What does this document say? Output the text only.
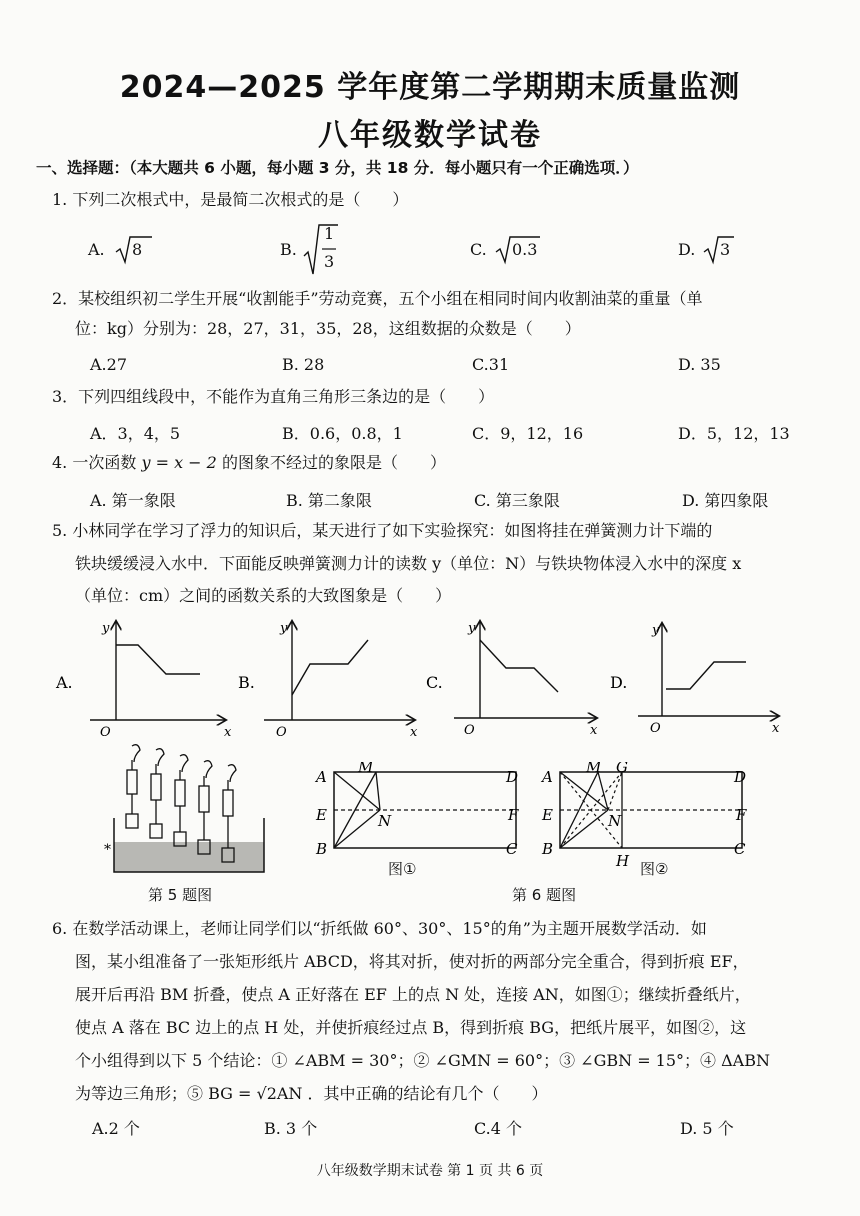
2024—2025 学年度第二学期期末质量监测
八年级数学试卷
一、选择题：（本大题共 6 小题，每小题 3 分，共 18 分．每小题只有一个正确选项．）
1. 下列二次根式中，是最简二次根式的是（　　）
A. 8	B.
1
3
C. 0.3	D. 3
2．某校组织初二学生开展“收割能手”劳动竞赛，五个小组在相同时间内收割油菜的重量（单
位：kg）分别为：28，27，31，35，28，这组数据的众数是（　　）
A.27	B. 28	C.31	D. 35
3．下列四组线段中，不能作为直角三角形三条边的是（　　）
A．3，4，5	B．0.6，0.8，1	C．9，12，16	D．5，12，13
4. 一次函数 y = x − 2 的图象不经过的象限是（　　）
A. 第一象限	B. 第二象限	C. 第三象限	D. 第四象限
5. 小林同学在学习了浮力的知识后，某天进行了如下实验探究：如图将挂在弹簧测力计下端的
铁块缓缓浸入水中．下面能反映弹簧测力计的读数 y（单位：N）与铁块物体浸入水中的深度 x
（单位：cm）之间的函数关系的大致图象是（　　）
A.
y
x
O
B.
y
x
O
C.
y
x
O
D.
y
x
O
*
第 5 题图
A
E
B
M
N
D
F
C
图①
A
E
B
M G
N
H
D
F
C
图②
第 6 题图
6. 在数学活动课上，老师让同学们以“折纸做 60°、30°、15°的角”为主题开展数学活动．如
图，某小组准备了一张矩形纸片 ABCD，将其对折，使对折的两部分完全重合，得到折痕 EF，
展开后再沿 BM 折叠，使点 A 正好落在 EF 上的点 N 处，连接 AN，如图①；继续折叠纸片，
使点 A 落在 BC 边上的点 H 处，并使折痕经过点 B，得到折痕 BG，把纸片展平，如图②，这
个小组得到以下 5 个结论：① ∠ABM = 30°；② ∠GMN = 60°；③ ∠GBN = 15°；④ ΔABN
为等边三角形；⑤ BG = √2AN ．其中正确的结论有几个（　　）
A.2 个	B. 3 个	C.4 个	D. 5 个
八年级数学期末试卷 第 1 页 共 6 页
